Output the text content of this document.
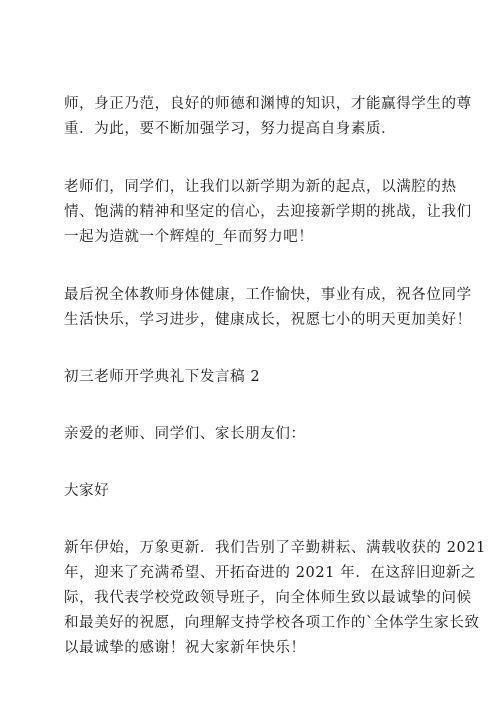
师，身正乃范，良好的师德和渊博的知识，才能赢得学生的尊
重．为此，要不断加强学习，努力提高自身素质．

老师们，同学们，让我们以新学期为新的起点，以满腔的热
情、饱满的精神和坚定的信心，去迎接新学期的挑战，让我们
一起为造就一个辉煌的_年而努力吧！

最后祝全体教师身体健康，工作愉快，事业有成，祝各位同学
生活快乐，学习进步，健康成长，祝愿七小的明天更加美好！

初三老师开学典礼下发言稿 2

亲爱的老师、同学们、家长朋友们：

大家好

新年伊始，万象更新．我们告别了辛勤耕耘、满载收获的 2021
年，迎来了充满希望、开拓奋进的 2021 年．在这辞旧迎新之
际，我代表学校党政领导班子，向全体师生致以最诚挚的问候
和最美好的祝愿，向理解支持学校各项工作的`全体学生家长致
以最诚挚的感谢！祝大家新年快乐！
